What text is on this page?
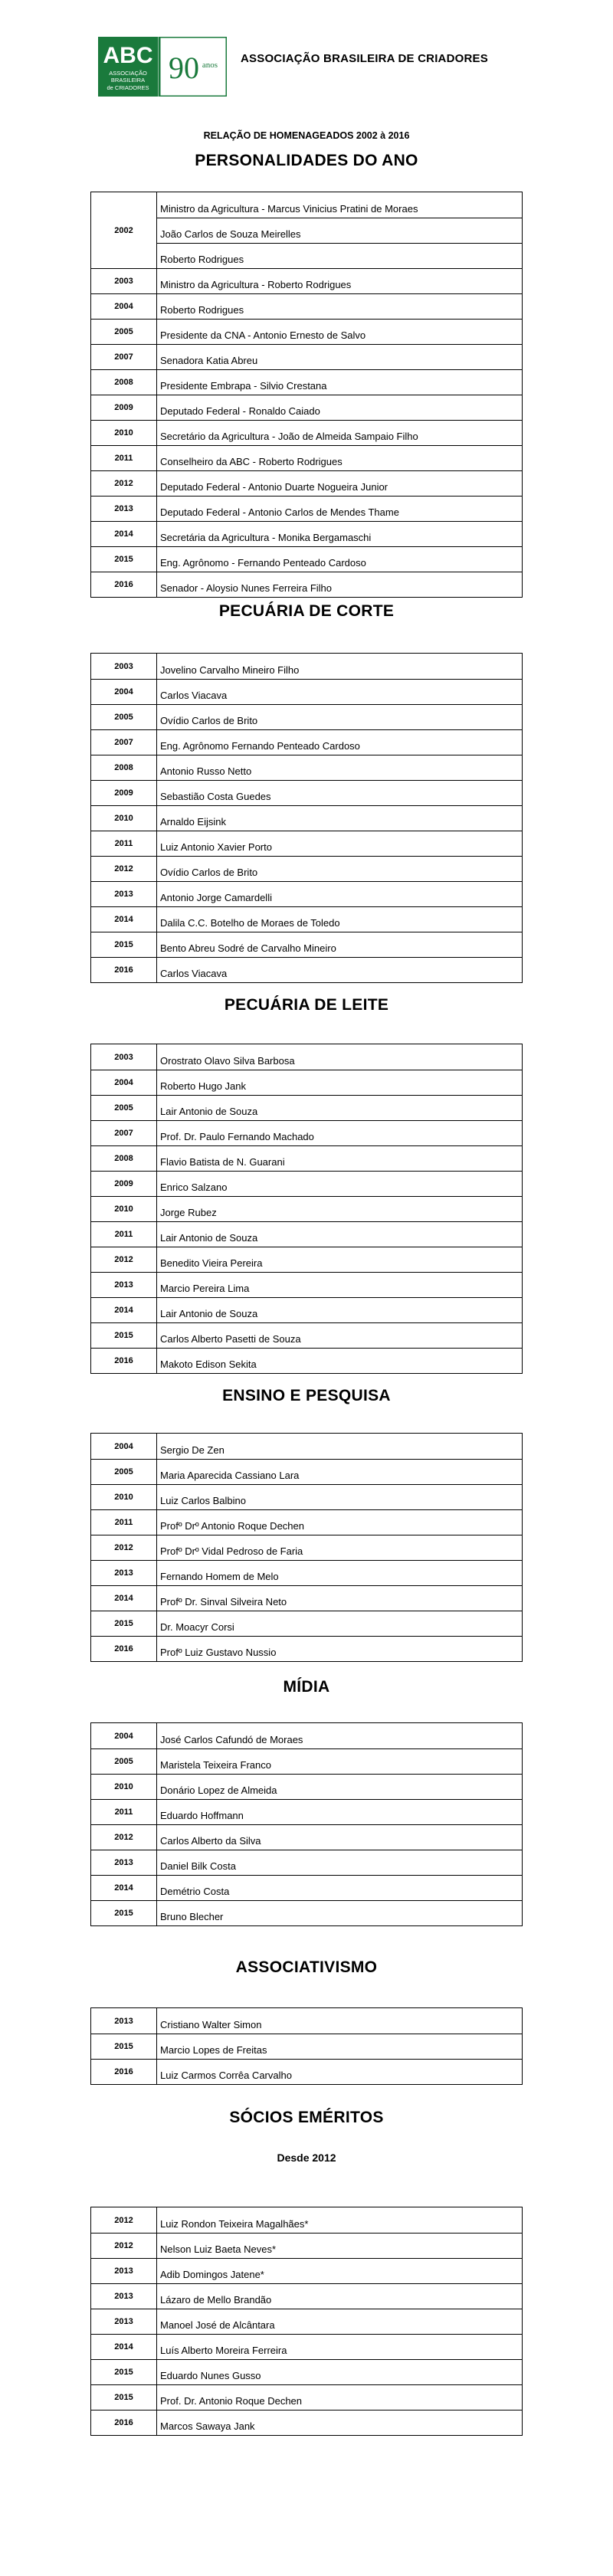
ABC
ASSOCIAÇÃO
BRASILEIRA
de CRIADORES
90 anos ASSOCIAÇÃO BRASILEIRA DE CRIADORES
RELAÇÃO DE HOMENAGEADOS 2002 à 2016
PERSONALIDADES DO ANO
2002
Ministro da Agricultura - Marcus Vinicius Pratini de Moraes
João Carlos de Souza Meirelles
Roberto Rodrigues
2003	Ministro da Agricultura - Roberto Rodrigues
2004	Roberto Rodrigues
2005	Presidente da CNA - Antonio Ernesto de Salvo
2007	Senadora Katia Abreu
2008	Presidente Embrapa - Silvio Crestana
2009	Deputado Federal - Ronaldo Caiado
2010	Secretário da Agricultura - João de Almeida Sampaio Filho
2011	Conselheiro da ABC - Roberto Rodrigues
2012	Deputado Federal - Antonio Duarte Nogueira Junior
2013	Deputado Federal - Antonio Carlos de Mendes Thame
2014	Secretária da Agricultura - Monika Bergamaschi
2015	Eng. Agrônomo - Fernando Penteado Cardoso
2016	Senador - Aloysio Nunes Ferreira Filho
PECUÁRIA DE CORTE
2003	Jovelino Carvalho Mineiro Filho
2004	Carlos Viacava
2005	Ovídio Carlos de Brito
2007	Eng. Agrônomo Fernando Penteado Cardoso
2008	Antonio Russo Netto
2009	Sebastião Costa Guedes
2010	Arnaldo Eijsink
2011	Luiz Antonio Xavier Porto
2012	Ovídio Carlos de Brito
2013	Antonio Jorge Camardelli
2014	Dalila C.C. Botelho de Moraes de Toledo
2015	Bento Abreu Sodré de Carvalho Mineiro
2016	Carlos Viacava
PECUÁRIA DE LEITE
2003	Orostrato Olavo Silva Barbosa
2004	Roberto Hugo Jank
2005	Lair Antonio de Souza
2007	Prof. Dr. Paulo Fernando Machado
2008	Flavio Batista de N. Guarani
2009	Enrico Salzano
2010	Jorge Rubez
2011	Lair Antonio de Souza
2012	Benedito Vieira Pereira
2013	Marcio Pereira Lima
2014	Lair Antonio de Souza
2015	Carlos Alberto Pasetti de Souza
2016	Makoto Edison Sekita
ENSINO E PESQUISA
2004	Sergio De Zen
2005	Maria Aparecida Cassiano Lara
2010	Luiz Carlos Balbino
2011	Profº Drº Antonio Roque Dechen
2012	Profº Drº Vidal Pedroso de Faria
2013	Fernando Homem de Melo
2014	Profº Dr. Sinval Silveira Neto
2015	Dr. Moacyr Corsi
2016	Profº Luiz Gustavo Nussio
MÍDIA
2004	José Carlos Cafundó de Moraes
2005	Maristela Teixeira Franco
2010	Donário Lopez de Almeida
2011	Eduardo Hoffmann
2012	Carlos Alberto da Silva
2013	Daniel Bilk Costa
2014	Demétrio Costa
2015	Bruno Blecher
ASSOCIATIVISMO
2013	Cristiano Walter Simon
2015	Marcio Lopes de Freitas
2016	Luiz Carmos Corrêa Carvalho
SÓCIOS EMÉRITOS
Desde 2012
2012	Luiz Rondon Teixeira Magalhães*
2012	Nelson Luiz Baeta Neves*
2013	Adib Domingos Jatene*
2013	Lázaro de Mello Brandão
2013	Manoel José de Alcântara
2014	Luís Alberto Moreira Ferreira
2015	Eduardo Nunes Gusso
2015	Prof. Dr. Antonio Roque Dechen
2016	Marcos Sawaya Jank
